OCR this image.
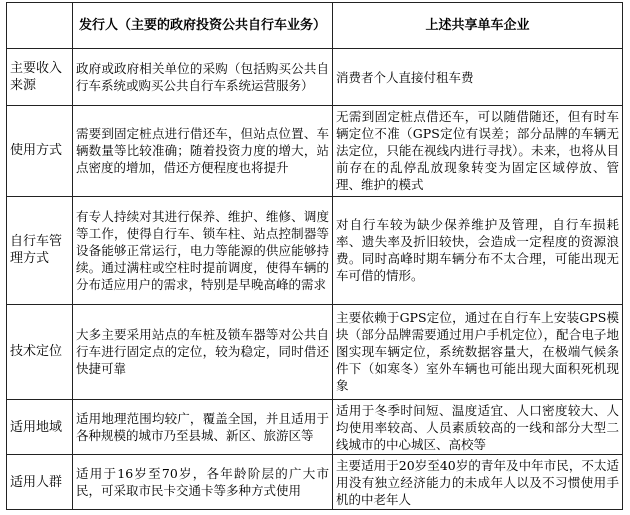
	发行人（主要的政府投资公共自行车业务）	上述共享单车企业
主要收入来源	政府或政府相关单位的采购（包括购买公共自行车系统或购买公共自行车系统运营服务）	消费者个人直接付租车费
使用方式	需要到固定桩点进行借还车，但站点位置、车辆数量等比较准确；随着投资力度的增大，站点密度的增加，借还方便程度也将提升	无需到固定桩点借还车，可以随借随还，但有时车辆定位不准（GPS定位有误差；部分品牌的车辆无法定位，只能在视线内进行寻找）。未来，也将从目前存在的乱停乱放现象转变为固定区域停放、管理、维护的模式
自行车管理方式	有专人持续对其进行保养、维护、维修、调度等工作，使得自行车、锁车柱、站点控制器等设备能够正常运行，电力等能源的供应能够持续。通过满柱或空柱时提前调度，使得车辆的分布适应用户的需求，特别是早晚高峰的需求	对自行车较为缺少保养维护及管理，自行车损耗率、遗失率及折旧较快，会造成一定程度的资源浪费。同时高峰时期车辆分布不太合理，可能出现无车可借的情形。
技术定位	大多主要采用站点的车桩及锁车器等对公共自行车进行固定点的定位，较为稳定，同时借还快捷可靠	主要依赖于GPS定位，通过在自行车上安装GPS模块（部分品牌需要通过用户手机定位），配合电子地图实现车辆定位，系统数据容量大，在极端气候条件下（如寒冬）室外车辆也可能出现大面积死机现象
适用地域	适用地理范围均较广，覆盖全国，并且适用于各种规模的城市乃至县城、新区、旅游区等	适用于冬季时间短、温度适宜、人口密度较大、人均使用率较高、人员素质较高的一线和部分大型二线城市的中心城区、高校等
适用人群	适用于16岁至70岁，各年龄阶层的广大市民，可采取市民卡交通卡等多种方式使用	主要适用于20岁至40岁的青年及中年市民，不太适用没有独立经济能力的未成年人以及不习惯使用手机的中老年人
